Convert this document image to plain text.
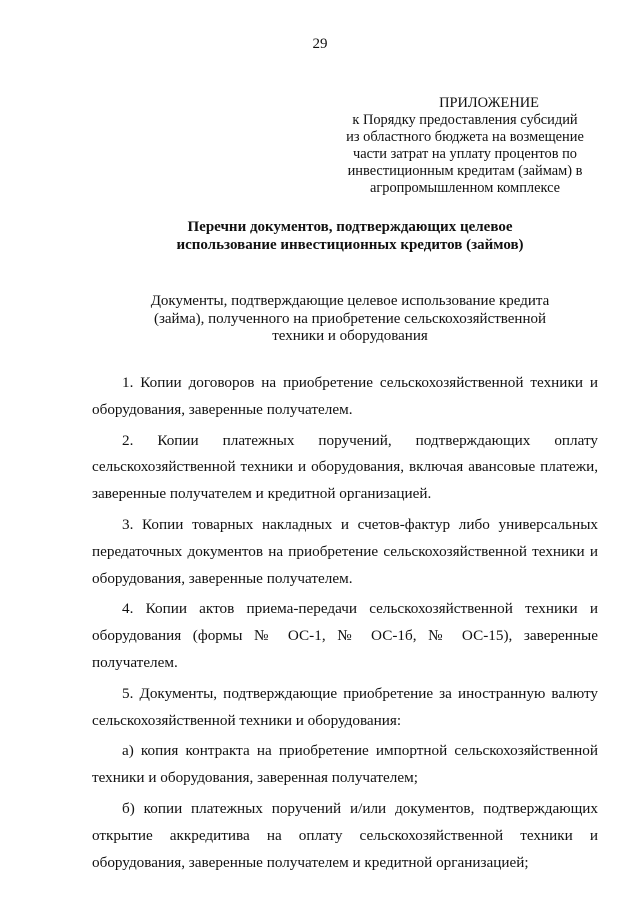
29
ПРИЛОЖЕНИЕ
к Порядку предоставления субсидий
из областного бюджета на возмещение
части затрат на уплату процентов по
инвестиционным кредитам (займам) в
агропромышленном комплексе
Перечни документов, подтверждающих целевое
использование инвестиционных кредитов (займов)
Документы, подтверждающие целевое использование кредита
(займа), полученного на приобретение сельскохозяйственной
техники и оборудования

1. Копии договоров на приобретение сельскохозяйственной техники и оборудования, заверенные получателем.

2. Копии платежных поручений, подтверждающих оплату сельскохозяйственной техники и оборудования, включая авансовые платежи, заверенные получателем и кредитной организацией.

3. Копии товарных накладных и счетов-фактур либо универсальных передаточных документов на приобретение сельскохозяйственной техники и оборудования, заверенные получателем.

4. Копии актов приема-передачи сельскохозяйственной техники и оборудования (формы № ОС-1, № ОС-1б, № ОС-15), заверенные получателем.

5. Документы, подтверждающие приобретение за иностранную валюту сельскохозяйственной техники и оборудования:

а) копия контракта на приобретение импортной сельскохозяйственной техники и оборудования, заверенная получателем;

б) копии платежных поручений и/или документов, подтверждающих открытие аккредитива на оплату сельскохозяйственной техники и оборудования, заверенные получателем и кредитной организацией;
